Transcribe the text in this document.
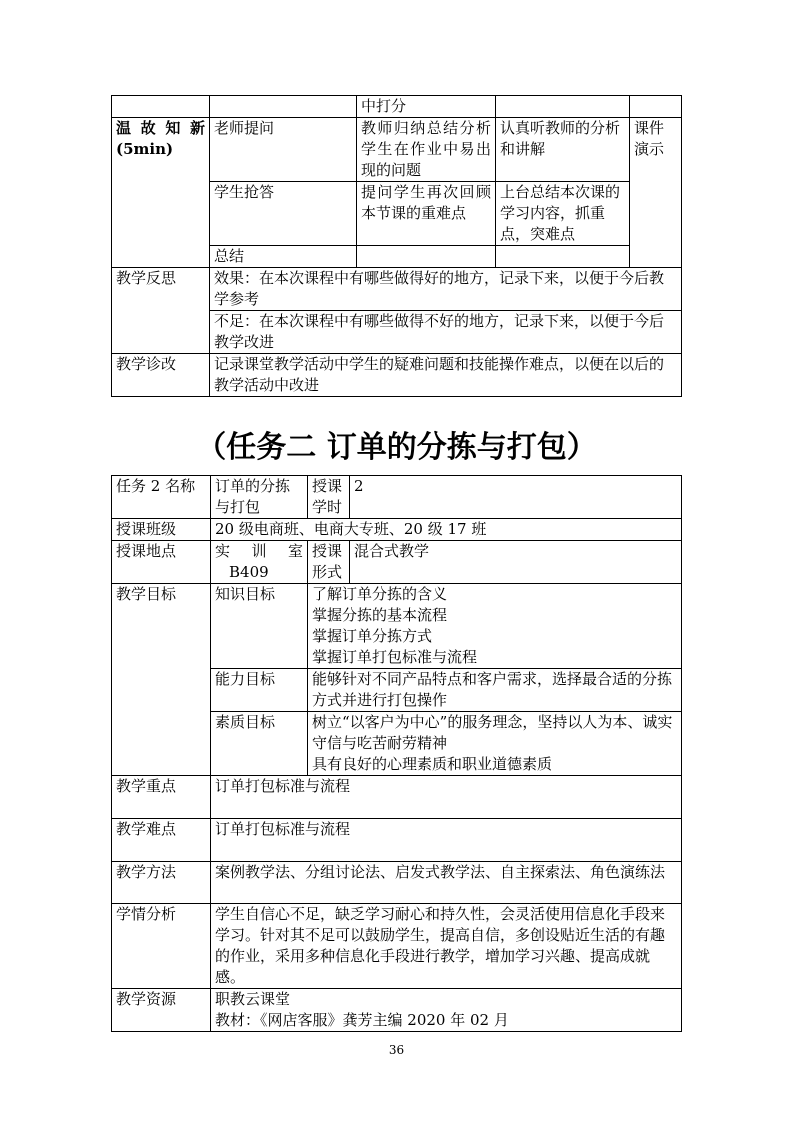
		中打分		

温 故 知 新
(5min)	老师提问	教师归纳总结分析学生在作业中易出现的问题	认真听教师的分析和讲解	课件演示
	学生抢答	提问学生再次回顾本节课的重难点	上台总结本次课的学习内容，抓重点，突难点	
	总结			
教学反思	效果：在本次课程中有哪些做得好的地方，记录下来，以便于今后教学参考			
	不足：在本次课程中有哪些做得不好的地方，记录下来，以便于今后教学改进			
教学诊改	记录课堂教学活动中学生的疑难问题和技能操作难点，以便在以后的教学活动中改进			
（任务二 订单的分拣与打包）
任务 2 名称	订单的分拣与打包	授课学时	2
授课班级	20 级电商班、电商大专班、20 级 17 班		
授课地点	实 训 室
B409	授课形式	混合式教学
教学目标	知识目标	了解订单分拣的含义
掌握分拣的基本流程
掌握订单分拣方式
掌握订单打包标准与流程	

	能力目标	能够针对不同产品特点和客户需求，选择最合适的分拣方式并进行打包操作	
	素质目标	树立“以客户为中心”的服务理念，坚持以人为本、诚实守信与吃苦耐劳精神
具有良好的心理素质和职业道德素质	

教学重点	订单打包标准与流程		
教学难点	订单打包标准与流程		
教学方法	案例教学法、分组讨论法、启发式教学法、自主探索法、角色演练法		
学情分析	学生自信心不足，缺乏学习耐心和持久性，会灵活使用信息化手段来学习。针对其不足可以鼓励学生，提高自信，多创设贴近生活的有趣的作业，采用多种信息化手段进行教学，增加学习兴趣、提高成就感。		
教学资源	职教云课堂
教材：《网店客服》龚芳主编 2020 年 02 月		
36
